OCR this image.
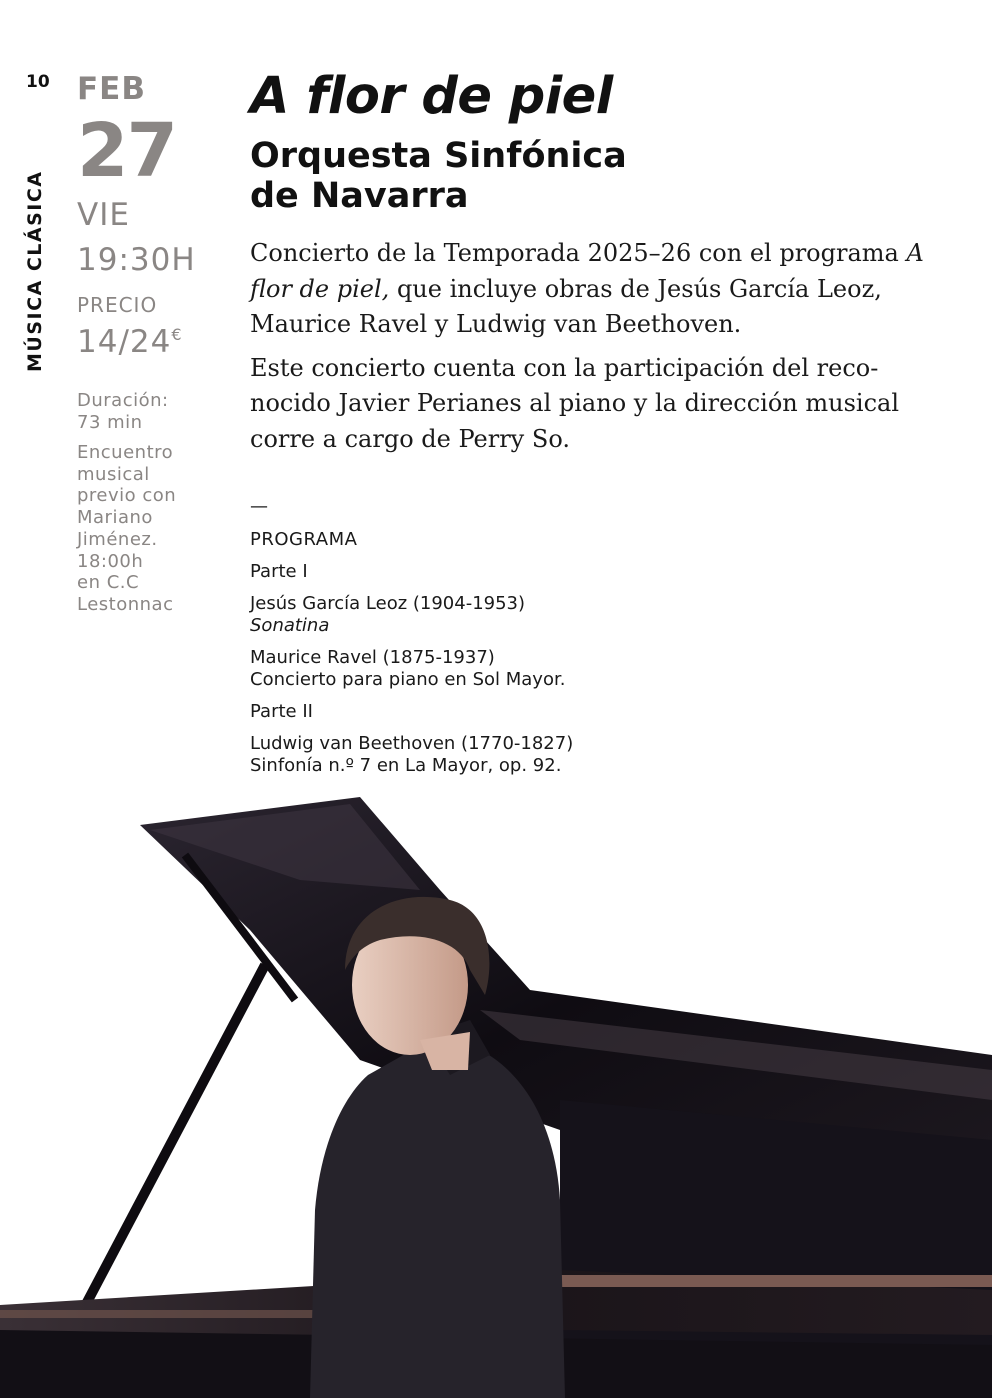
10
MÚSICA CLÁSICA
FEB
27
VIE
19:30H
PRECIO
14/24€
Duración:
73 min
Encuentro
musical
previo con
Mariano
Jiménez.
18:00h
en C.C
Lestonnac
A flor de piel
Orquesta Sinfónica
de Navarra

Concierto de la Temporada 2025–26 con el programa A flor de piel, que incluye obras de Jesús García Leoz, Maurice Ravel y Ludwig van Beethoven.

Este concierto cuenta con la participación del reconocido Javier Perianes al piano y la dirección musical corre a cargo de Perry So.

—
PROGRAMA
Parte I
Jesús García Leoz (1904-1953)
Sonatina
Maurice Ravel (1875-1937)
Concierto para piano en Sol Mayor.
Parte II
Ludwig van Beethoven (1770-1827)
Sinfonía n.º 7 en La Mayor, op. 92.
